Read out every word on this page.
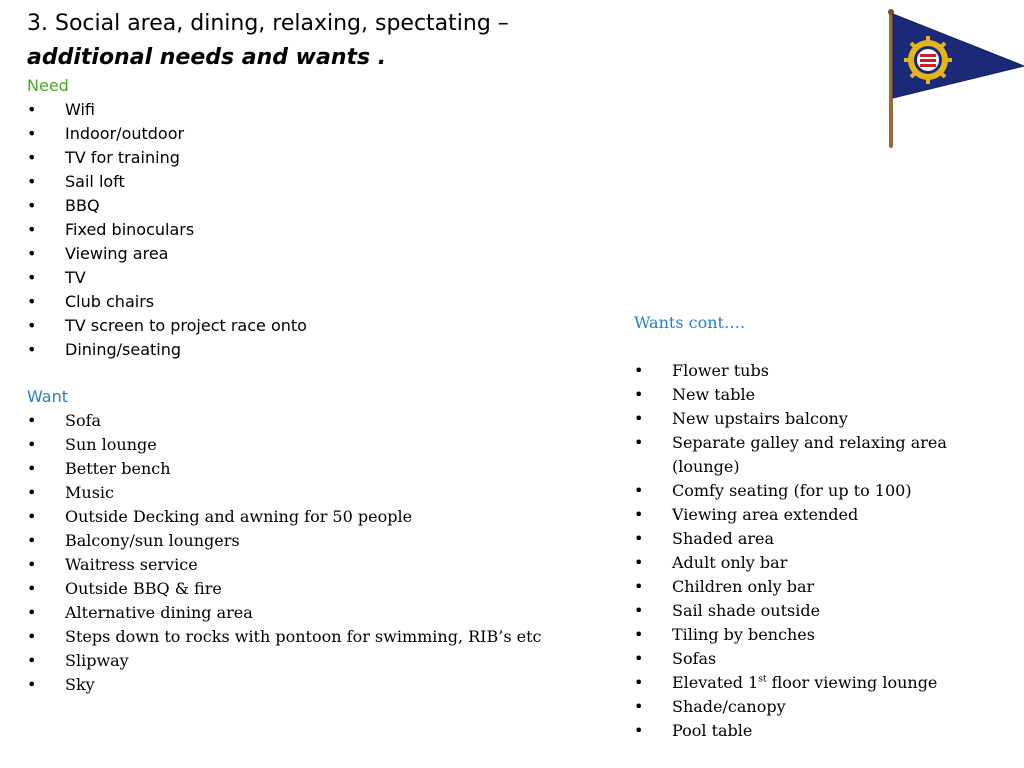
3. Social area, dining, relaxing, spectating –
additional needs and wants .
Need
• Wifi
• Indoor/outdoor
• TV for training
• Sail loft
• BBQ
• Fixed binoculars
• Viewing area
• TV
• Club chairs
• TV screen to project race onto
• Dining/seating
Want
• Sofa
• Sun lounge
• Better bench
• Music
• Outside Decking and awning for 50 people
• Balcony/sun loungers
• Waitress service
• Outside BBQ & fire
• Alternative dining area
• Steps down to rocks with pontoon for swimming, RIB’s etc
• Slipway
• Sky
Wants cont….
• Flower tubs
• New table
• New upstairs balcony
• Separate galley and relaxing area (lounge)
• Comfy seating (for up to 100)
• Viewing area extended
• Shaded area
• Adult only bar
• Children only bar
• Sail shade outside
• Tiling by benches
• Sofas
• Elevated 1st floor viewing lounge
• Shade/canopy
• Pool table
